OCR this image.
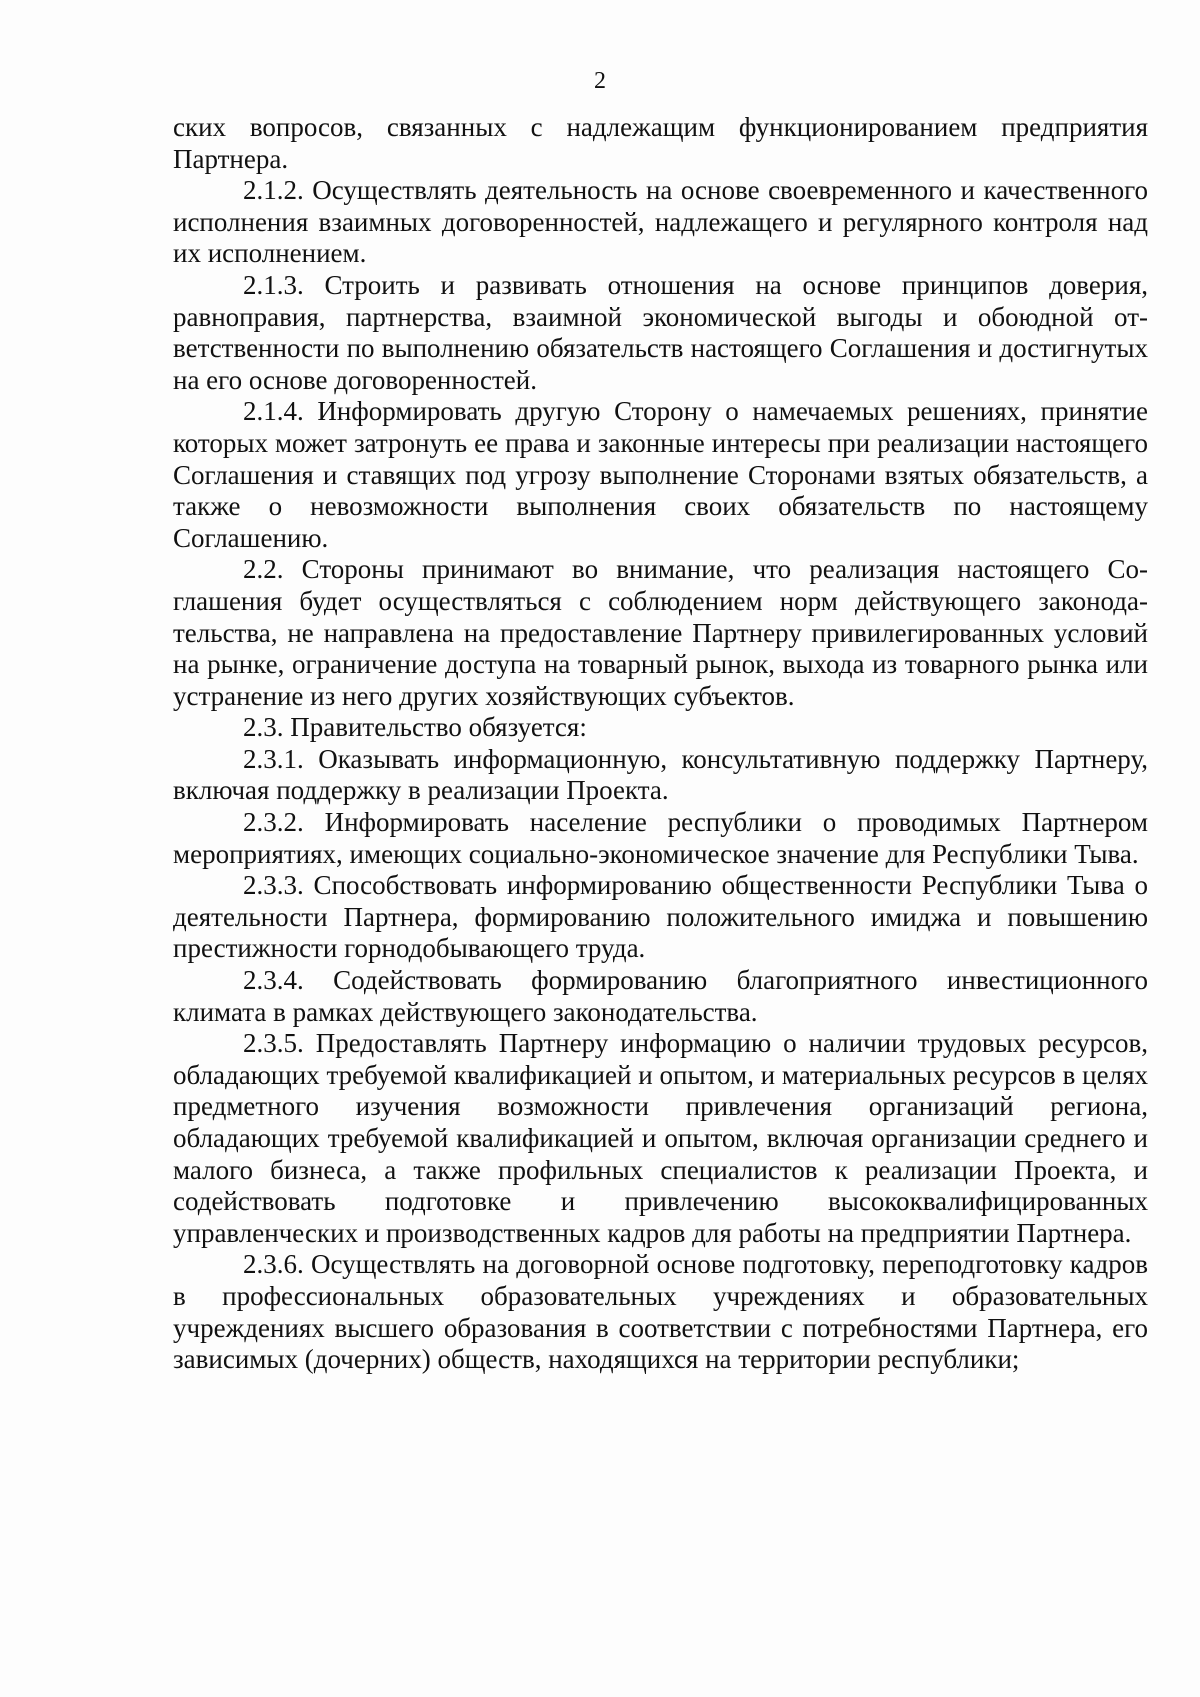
2

ских вопросов, связанных с надлежащим функционированием предприятия Партнера.

2.1.2. Осуществлять деятельность на основе своевременного и качественного исполнения взаимных договоренностей, надлежащего и регулярного контроля над их исполнением.

2.1.3. Строить и развивать отношения на основе принципов доверия, равноправия, партнерства, взаимной экономической выгоды и обоюдной ответственности по выполнению обязательств настоящего Соглашения и достигнутых на его основе договоренностей.

2.1.4. Информировать другую Сторону о намечаемых решениях, принятие которых может затронуть ее права и законные интересы при реализации настоящего Соглашения и ставящих под угрозу выполнение Сторонами взятых обязательств, а также о невозможности выполнения своих обязательств по настоящему Соглашению.

2.2. Стороны принимают во внимание, что реализация настоящего Соглашения будет осуществляться с соблюдением норм действующего законодательства, не направлена на предоставление Партнеру привилегированных условий на рынке, ограничение доступа на товарный рынок, выхода из товарного рынка или устранение из него других хозяйствующих субъектов.

2.3. Правительство обязуется:

2.3.1. Оказывать информационную, консультативную поддержку Партнеру, включая поддержку в реализации Проекта.

2.3.2. Информировать население республики о проводимых Партнером мероприятиях, имеющих социально-экономическое значение для Республики Тыва.

2.3.3. Способствовать информированию общественности Республики Тыва о деятельности Партнера, формированию положительного имиджа и повышению престижности горнодобывающего труда.

2.3.4. Содействовать формированию благоприятного инвестиционного климата в рамках действующего законодательства.

2.3.5. Предоставлять Партнеру информацию о наличии трудовых ресурсов, обладающих требуемой квалификацией и опытом, и материальных ресурсов в целях предметного изучения возможности привлечения организаций региона, обладающих требуемой квалификацией и опытом, включая организации среднего и малого бизнеса, а также профильных специалистов к реализации Проекта, и содействовать подготовке и привлечению высококвалифицированных управленческих и производственных кадров для работы на предприятии Партнера.

2.3.6. Осуществлять на договорной основе подготовку, переподготовку кадров в профессиональных образовательных учреждениях и образовательных учреждениях высшего образования в соответствии с потребностями Партнера, его зависимых (дочерних) обществ, находящихся на территории республики;
